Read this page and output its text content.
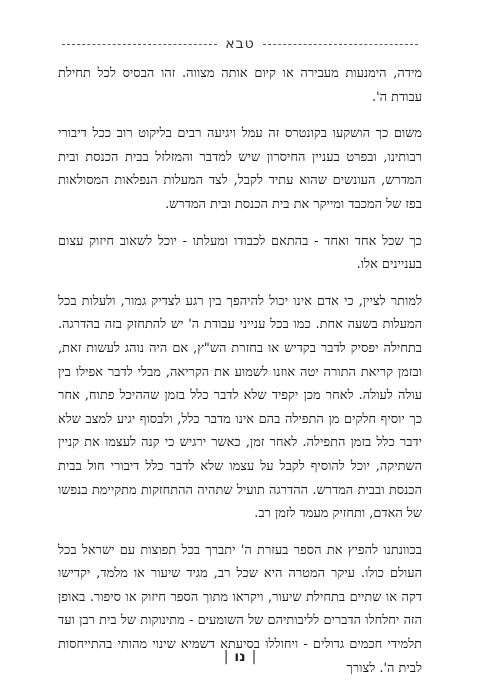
טבא

מידה, הימנעות מעבירה או קיום אותה מצווה. זהו הבסיס לכל תחילת עבודת ה'.

משום כך הושקעו בקונטרס זה עמל ויגיעה רבים בליקוט רוב ככל דיבורי רבותינו, ובפרט בעניין החיסרון שיש למדבר והמזלזל בבית הכנסת ובית המדרש, העונשים שהוא עתיד לקבל, לצד המעלות הנפלאות המסולאות בפז של המכבד ומייקר את בית הכנסת ובית המדרש.

כך שכל אחד ואחד - בהתאם לכבודו ומעלתו - יוכל לשאוב חיזוק עצום בעניינים אלו.

למותר לציין, כי אדם אינו יכול להיהפך בין רגע לצדיק גמור, ולעלות בכל המעלות בשעה אחת. כמו בכל ענייני עבודת ה' יש להתחזק בזה בהדרגה. בתחילה יפסיק לדבר בקדיש או בחזרת הש"ץ, אם היה נוהג לעשות זאת, ובזמן קריאת התורה יטה אוזנו לשמוע את הקריאה, מבלי לדבר אפילו בין עולה לעולה. לאחר מכן יקפיד שלא לדבר כלל בזמן שההיכל פתוח, אחר כך יוסיף חלקים מן התפילה בהם אינו מדבר כלל, ולבסוף יגיע למצב שלא ידבר כלל בזמן התפילה. לאחר זמן, כאשר ירגיש כי קנה לעצמו את קניין השתיקה, יוכל להוסיף לקבל על עצמו שלא לדבר כלל דיבורי חול בבית הכנסת ובבית המדרש. ההדרגה תועיל שתהיה ההתחזקות מתקיימת בנפשו של האדם, ותחזיק מעמד לזמן רב.

בכוונתנו להפיץ את הספר בעזרת ה' יתברך בכל תפוצות עם ישראל בכל העולם כולו. עיקר המטרה היא שכל רב, מגיד שיעור או מלמד, יקדישו דקה או שתיים בתחילת שיעור, ויקראו מתוך הספר חיזוק או סיפור. באופן הזה יחלחלו הדברים לליבותיהם של השומעים - מתינוקות של בית רבן ועד תלמידי חכמים גדולים - ויחוללו בסיעתא דשמיא שינוי מהותי בהתייחסות לבית ה'. לצורך

|נו|
